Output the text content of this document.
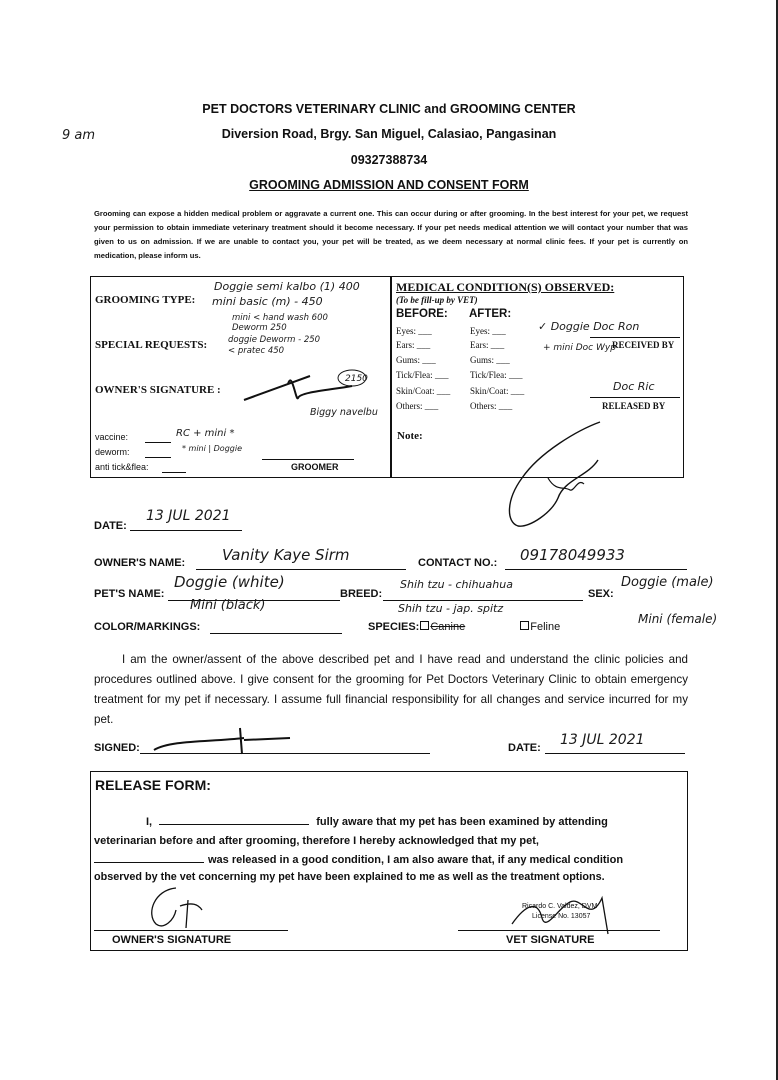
9 am
PET DOCTORS VETERINARY CLINIC and GROOMING CENTER
Diversion Road, Brgy. San Miguel, Calasiao, Pangasinan
09327388734
GROOMING ADMISSION AND CONSENT FORM
Grooming can expose a hidden medical problem or aggravate a current one. This can occur during or after grooming. In the best interest for your pet, we request your permission to obtain immediate veterinary treatment should it become necessary. If your pet needs medical attention we will contact your number that was given to us on admission. If we are unable to contact you, your pet will be treated, as we deem necessary at normal clinic fees. If your pet is currently on medication, please inform us.
GROOMING TYPE:
Doggie semi kalbo (1) 400
mini basic (m) - 450
mini < hand wash 600
Deworm 250
SPECIAL REQUESTS: doggie Deworm - 250
< pratec 450
OWNER'S SIGNATURE :
2150
Biggy navelbu
vaccine:	RC + mini *
deworm:	* mini | Doggie
anti tick&flea:	GROOMER
MEDICAL CONDITION(S) OBSERVED:
(To be fill-up by VET)
BEFORE: AFTER:
Eyes: ___	Eyes: ___
Ears: ___	Ears: ___
Gums: ___	Gums: ___
Tick/Flea: ___ Tick/Flea: ___
Skin/Coat: ___ Skin/Coat: ___
Others: ___	Others: ___
✓ Doggie Doc Ron
+ mini Doc Wyp
RECEIVED BY
Doc Ric
RELEASED BY
Note:
DATE:
13 JUL 2021
OWNER'S NAME: Vanity Kaye Sirm	CONTACT NO.: 09178049933
PET'S NAME:
Doggie (white)
Mini (black)
BREED:
Shih tzu - chihuahua
Shih tzu - jap. spitz
SEX:
Doggie (male)
Mini (female)
COLOR/MARKINGS:	SPECIES: Canine	Feline
I am the owner/assent of the above described pet and I have read and understand the clinic policies and procedures outlined above. I give consent for the grooming for Pet Doctors Veterinary Clinic to obtain emergency treatment for my pet if necessary. I assume full financial responsibility for all changes and service incurred for my pet.
SIGNED:	DATE: 13 JUL 2021
RELEASE FORM:
I,	fully aware that my pet has been examined by attending
veterinarian before and after grooming, therefore I hereby acknowledged that my pet,
was released in a good condition, I am also aware that, if any medical condition
observed by the vet concerning my pet have been explained to me as well as the treatment options.
OWNER'S SIGNATURE
Ricardo C. Valdez, DVM
License No. 13057
VET SIGNATURE
